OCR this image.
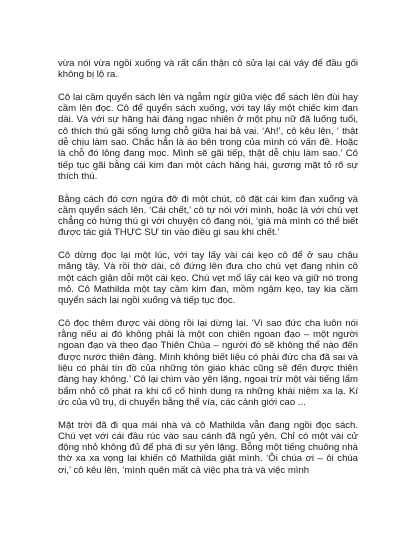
vừa nói vừa ngồi xuống và rất cẩn thận cô sửa lại cái váy để đầu gối không bị lộ ra.

Cô lại cầm quyển sách lên và ngẫm ngừ giữa việc để sách lên đùi hay cầm lên đọc. Cô để quyển sách xuống, với tay lấy một chiếc kim đan dài. Và với sự hăng hái đáng ngạc nhiên ở một phụ nữ đã luống tuổi, cô thích thú gãi sống lưng chỗ giữa hai bả vai. ‘Ah!’, cô kêu lên, ‘ thật dễ chịu làm sao. Chắc hẳn là áo bên trong của mình có vấn đề. Hoặc là chỗ đó lông đang mọc. Mình sẽ gãi tiếp, thật dễ chịu làm sao.’ Cô tiếp tục gãi bằng cái kim đan một cách hăng hái, gương mặt tỏ rõ sự thích thú.

Bằng cách đó cơn ngứa đỡ đi một chút, cô đặt cái kim đan xuống và cầm quyển sách lên. ‘Cái chết,’ cô tự nói với mình, hoặc là với chú vẹt chẳng có hứng thú gì với chuyện cô đang nói, ‘giá mà mình có thể biết được tác giả THỰC SỰ tin vào điều gì sau khi chết.’

Cô dừng đọc lại một lúc, với tay lấy vài cái kẹo cô để ở sau chậu măng tây. Và rồi thờ dài, cô đứng lên đưa cho chú vẹt đang nhìn cô một cách giận dỗi một cái kẹo. Chú vẹt mổ lấy cái kẹo và giữ nó trong mỏ. Cô Mathilda một tay cầm kim đan, mồm ngậm kẹo, tay kia cầm quyển sách lại ngồi xuống và tiếp tục đọc.

Cô đọc thêm được vài dòng rồi lại dừng lại. ‘Vì sao đức cha luôn nói rằng nếu ai đó không phải là một con chiên ngoan đạo – một người ngoan đạo và theo đạo Thiên Chúa – người đó sẽ không thể nào đến được nước thiên đàng. Mình không biết liệu có phải đức cha đã sai và liệu có phải tín đồ của những tôn giáo khác cũng sẽ đến được thiên đàng hay không.’ Cô lại chìm vào yên lặng, ngoại trừ một vài tiếng lẩm bẩm nhỏ cô phát ra khi cố cố hình dung ra những khái niệm xa lạ. Kí ức của vũ trụ, di chuyển bằng thể vía, các cảnh giới cao ...

Mặt trời đã đi qua mái nhà và cô Mathilda vẫn đang ngồi đọc sách. Chú vẹt với cái đầu rúc vào sau cánh đã ngủ yên. Chỉ có một vài cử động nhỏ không đủ để phá đi sự yên lặng. Bỗng một tiếng chuông nhà thờ xa xa vọng lại khiến cô Mathilda giật mình. ‘Ôi chúa ơi – ôi chúa ơi,’ cô kêu lên, ‘mình quên mất cả việc pha trà và việc mình
